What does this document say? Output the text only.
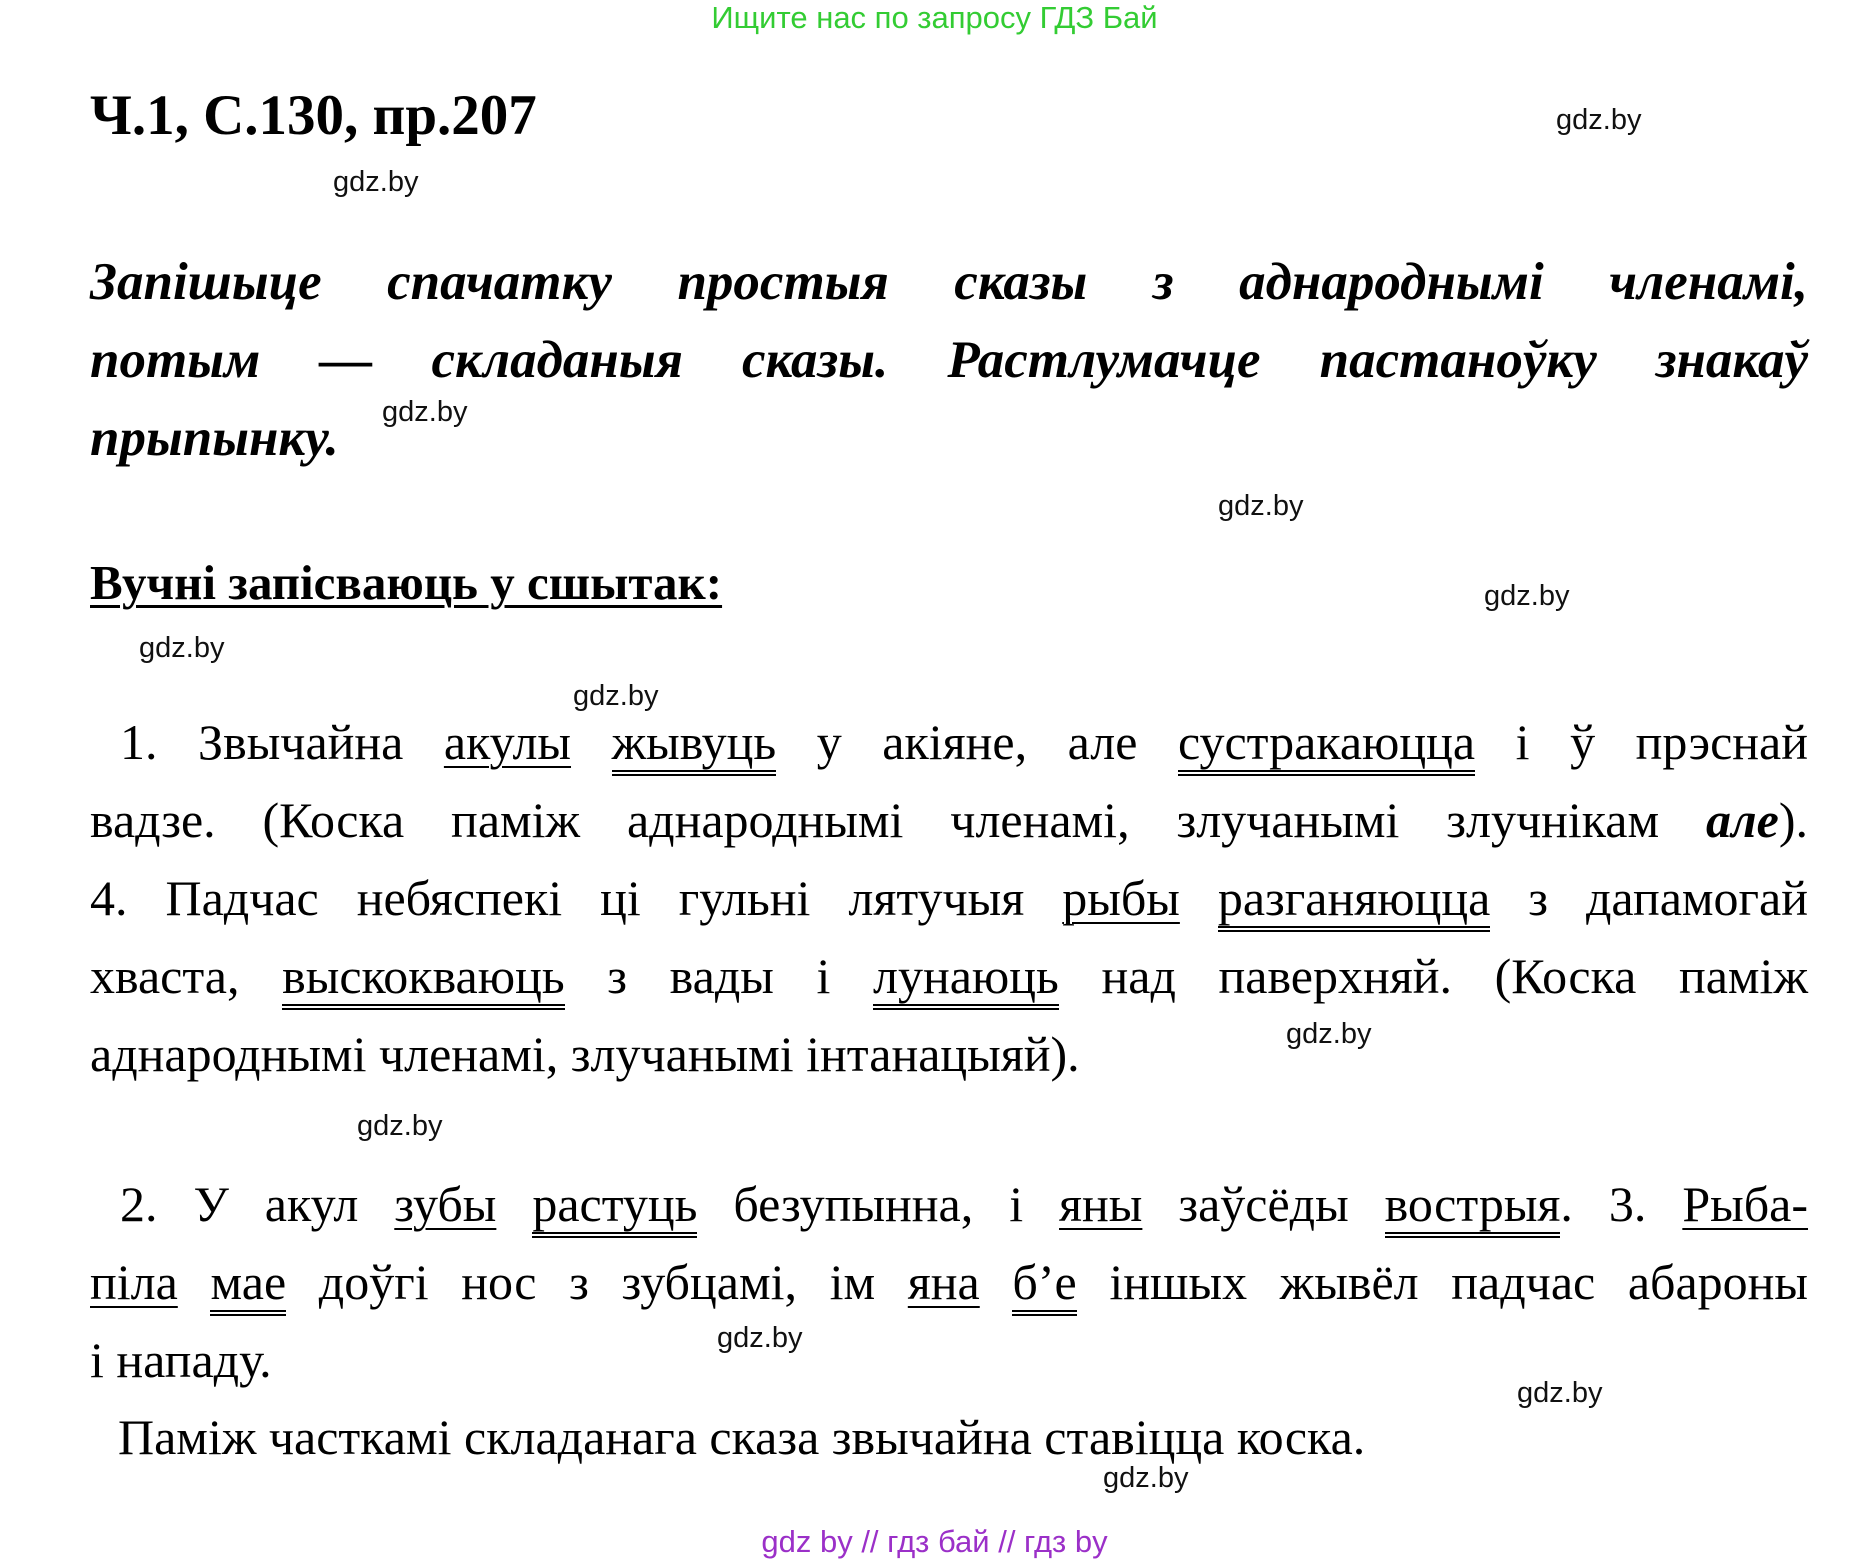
Ищите нас по запросу ГДЗ Бай
Ч.1, С.130, пр.207
Запішыце спачатку простыя сказы з аднароднымі членамі,
потым — складаныя сказы. Растлумачце пастаноўку знакаў
прыпынку.
Вучні запісваюць у сшытак:
1. Звычайна акулы жывуць у акіяне, але сустракаюцца і ў прэснай
вадзе. (Коска паміж аднароднымі членамі, злучанымі злучнікам але).
4. Падчас небяспекі ці гульні лятучыя рыбы разганяюцца з дапамогай
хваста, выскокваюць з вады і лунаюць над паверхняй. (Коска паміж
аднароднымі членамі, злучанымі інтанацыяй).
2. У акул зубы растуць безупынна, і яны заўсёды вострыя. 3. Рыба-
піла мае доўгі нос з зубцамі, ім яна б’е іншых жывёл падчас абароны
і нападу.
Паміж часткамі складанага сказа звычайна ставіцца коска.
gdz.by
gdz.by
gdz.by
gdz.by
gdz.by
gdz.by
gdz.by
gdz.by
gdz.by
gdz.by
gdz.by
gdz.by
gdz by // гдз бай // гдз by
